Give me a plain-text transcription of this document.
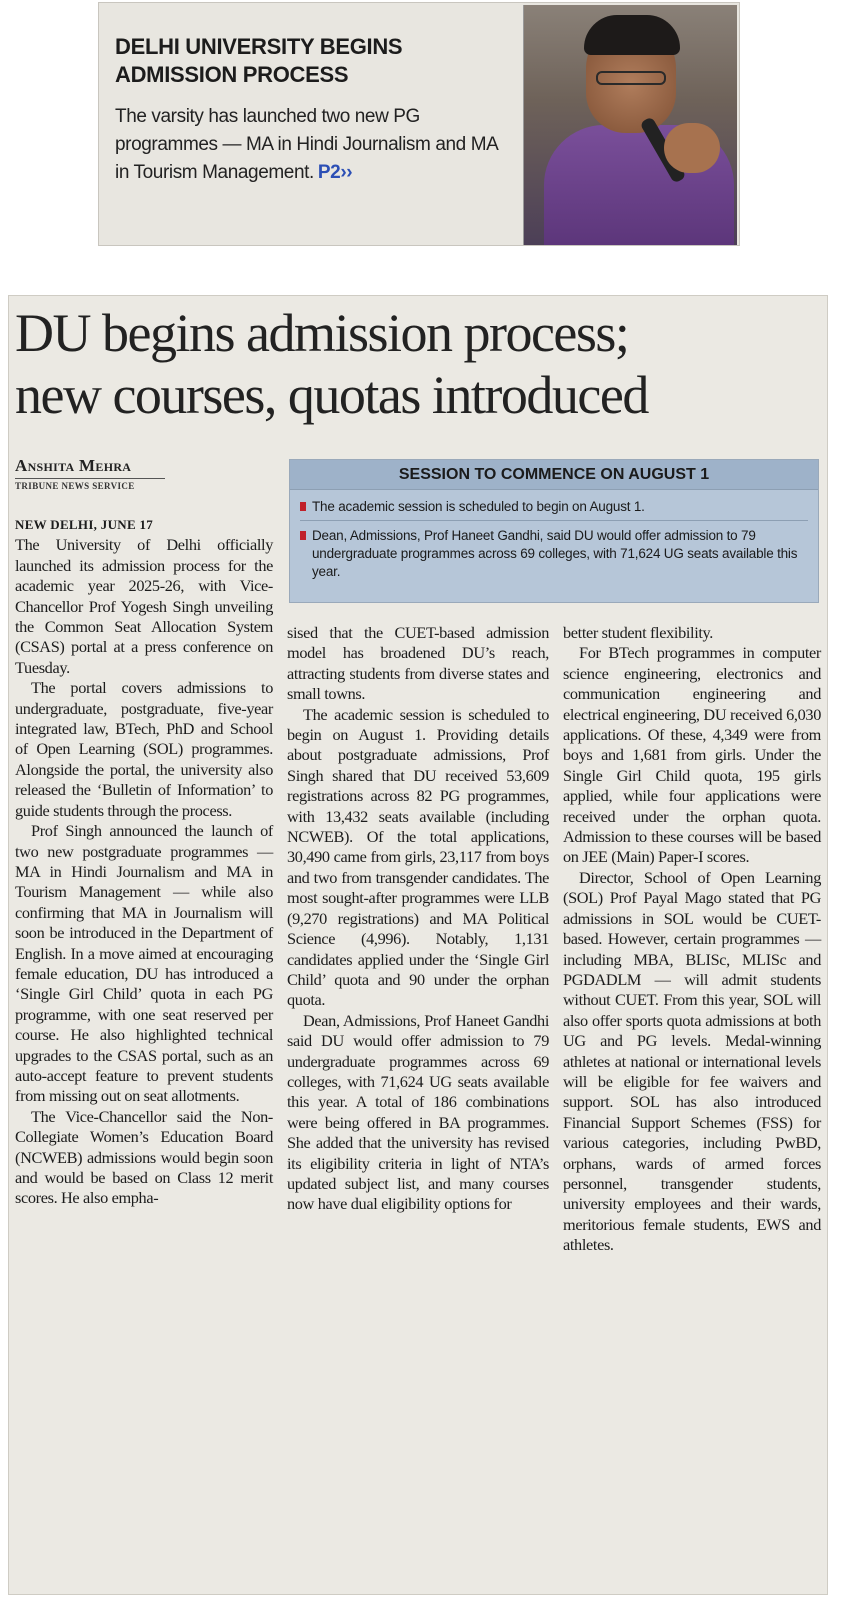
DELHI UNIVERSITY BEGINS ADMISSION PROCESS
The varsity has launched two new PG programmes — MA in Hindi Journalism and MA in Tourism Management. P2››
DU begins admission process;
new courses, quotas introduced
Anshita Mehra
TRIBUNE NEWS SERVICE
SESSION TO COMMENCE ON AUGUST 1
The academic session is scheduled to begin on August 1.
Dean, Admissions, Prof Haneet Gandhi, said DU would offer admission to 79 undergraduate programmes across 69 colleges, with 71,624 UG seats available this year.
NEW DELHI, JUNE 17

The University of Delhi officially launched its admission process for the academic year 2025-26, with Vice-Chancellor Prof Yogesh Singh unveiling the Common Seat Allocation System (CSAS) portal at a press conference on Tuesday.

The portal covers admissions to undergraduate, postgraduate, five-year integrated law, BTech, PhD and School of Open Learning (SOL) programmes. Alongside the portal, the university also released the ‘Bulletin of Information’ to guide students through the process.

Prof Singh announced the launch of two new postgraduate programmes — MA in Hindi Journalism and MA in Tourism Management — while also confirming that MA in Journalism will soon be introduced in the Department of English. In a move aimed at encouraging female education, DU has introduced a ‘Single Girl Child’ quota in each PG programme, with one seat reserved per course. He also highlighted technical upgrades to the CSAS portal, such as an auto-accept feature to prevent students from missing out on seat allotments.

The Vice-Chancellor said the Non-Collegiate Women’s Education Board (NCWEB) admissions would begin soon and would be based on Class 12 merit scores. He also empha-

sised that the CUET-based admission model has broadened DU’s reach, attracting students from diverse states and small towns.

The academic session is scheduled to begin on August 1. Providing details about postgraduate admissions, Prof Singh shared that DU received 53,609 registrations across 82 PG programmes, with 13,432 seats available (including NCWEB). Of the total applications, 30,490 came from girls, 23,117 from boys and two from transgender candidates. The most sought-after programmes were LLB (9,270 registrations) and MA Political Science (4,996). Notably, 1,131 candidates applied under the ‘Single Girl Child’ quota and 90 under the orphan quota.

Dean, Admissions, Prof Haneet Gandhi said DU would offer admission to 79 undergraduate programmes across 69 colleges, with 71,624 UG seats available this year. A total of 186 combinations were being offered in BA programmes. She added that the university has revised its eligibility criteria in light of NTA’s updated subject list, and many courses now have dual eligibility options for

better student flexibility.

For BTech programmes in computer science engineering, electronics and communication engineering and electrical engineering, DU received 6,030 applications. Of these, 4,349 were from boys and 1,681 from girls. Under the Single Girl Child quota, 195 girls applied, while four applications were received under the orphan quota. Admission to these courses will be based on JEE (Main) Paper-I scores.

Director, School of Open Learning (SOL) Prof Payal Mago stated that PG admissions in SOL would be CUET-based. However, certain programmes — including MBA, BLISc, MLISc and PGDADLM — will admit students without CUET. From this year, SOL will also offer sports quota admissions at both UG and PG levels. Medal-winning athletes at national or international levels will be eligible for fee waivers and support. SOL has also introduced Financial Support Schemes (FSS) for various categories, including PwBD, orphans, wards of armed forces personnel, transgender students, university employees and their wards, meritorious female students, EWS and athletes.
